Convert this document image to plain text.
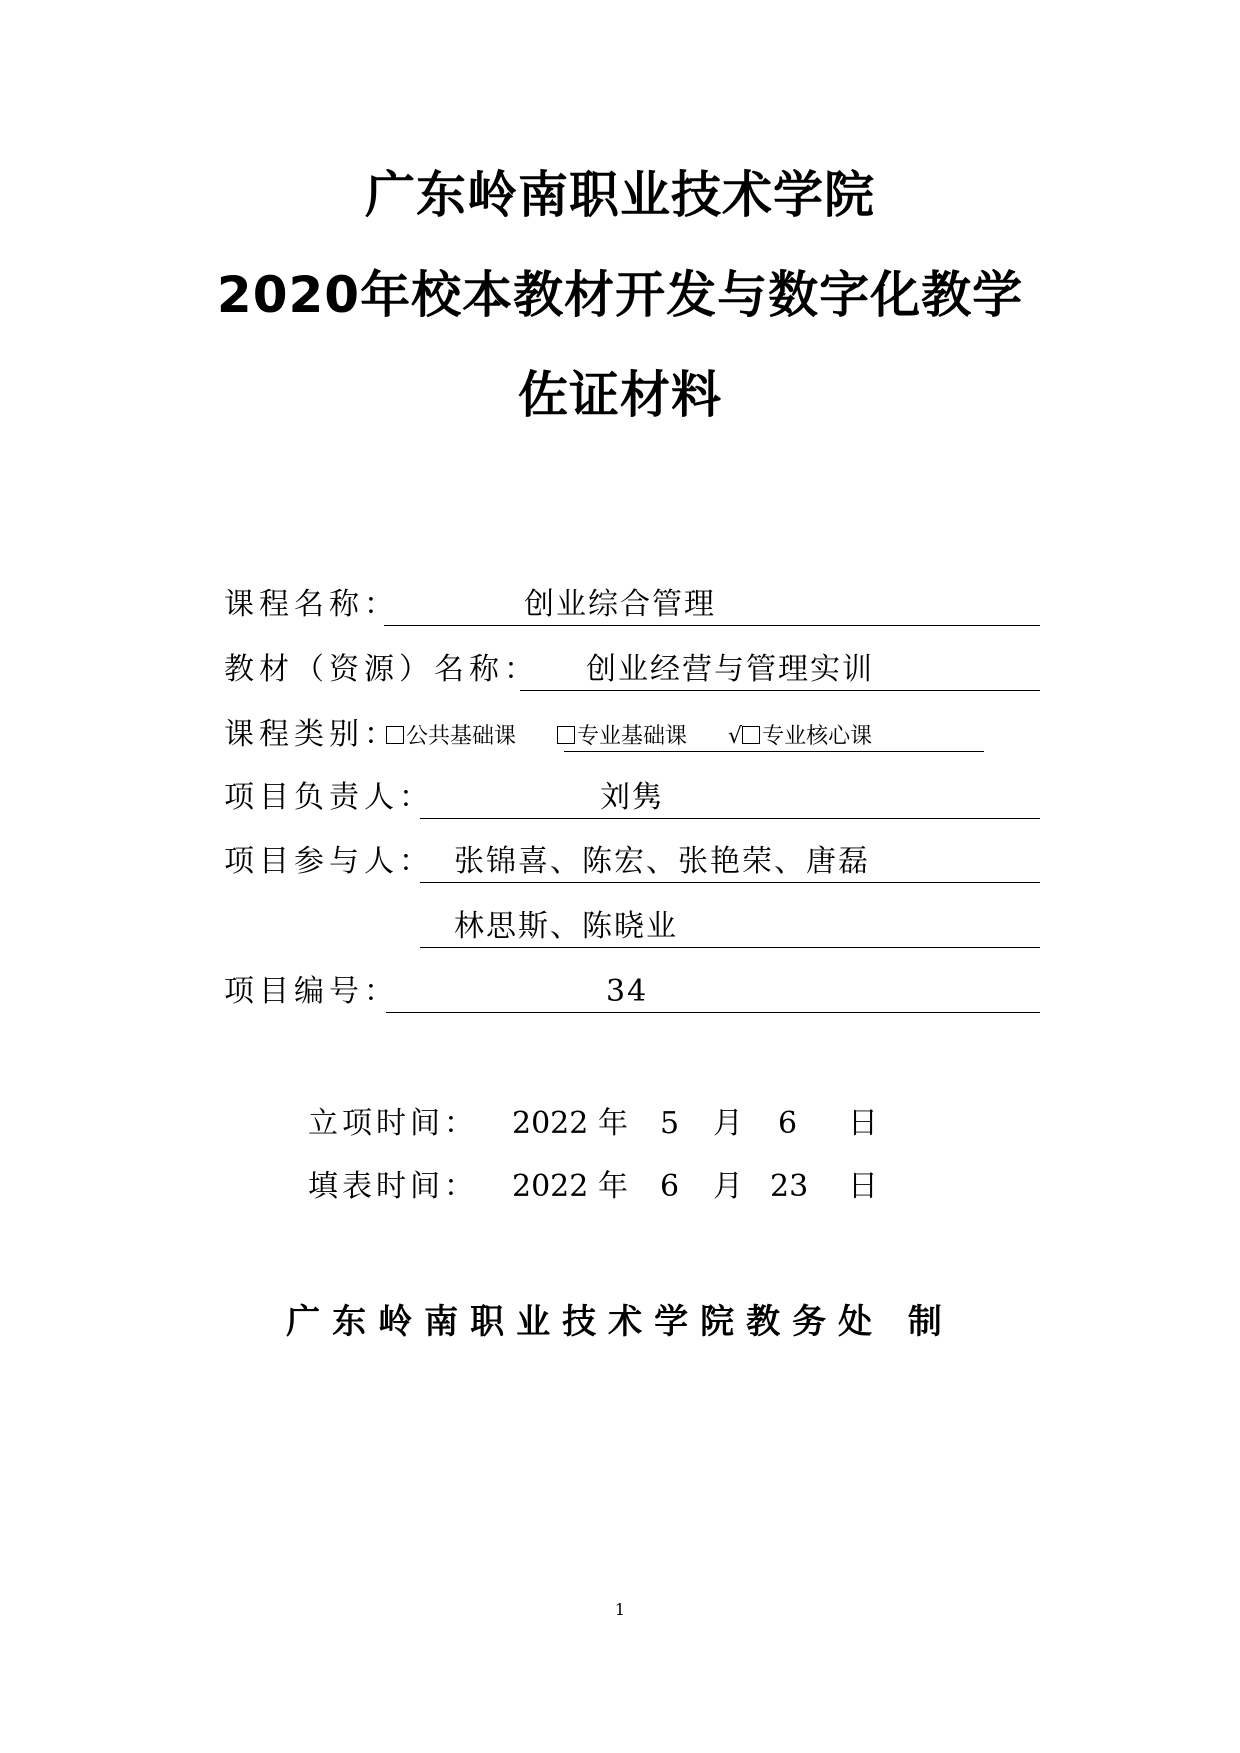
广东岭南职业技术学院
2020年校本教材开发与数字化教学
佐证材料
课程名称：	创业综合管理
教材（资源）名称： 创业经营与管理实训
课程类别： 公共基础课	专业基础课 √ 专业核心课
项目负责人：	刘隽
项目参与人： 张锦喜、陈宏、张艳荣、唐磊
林思斯、陈晓业
项目编号：	34
立项时间： 2022 年 5 月 6 日
填表时间： 2022 年 6 月 23 日
广东岭南职业技术学院教务处 制
1
